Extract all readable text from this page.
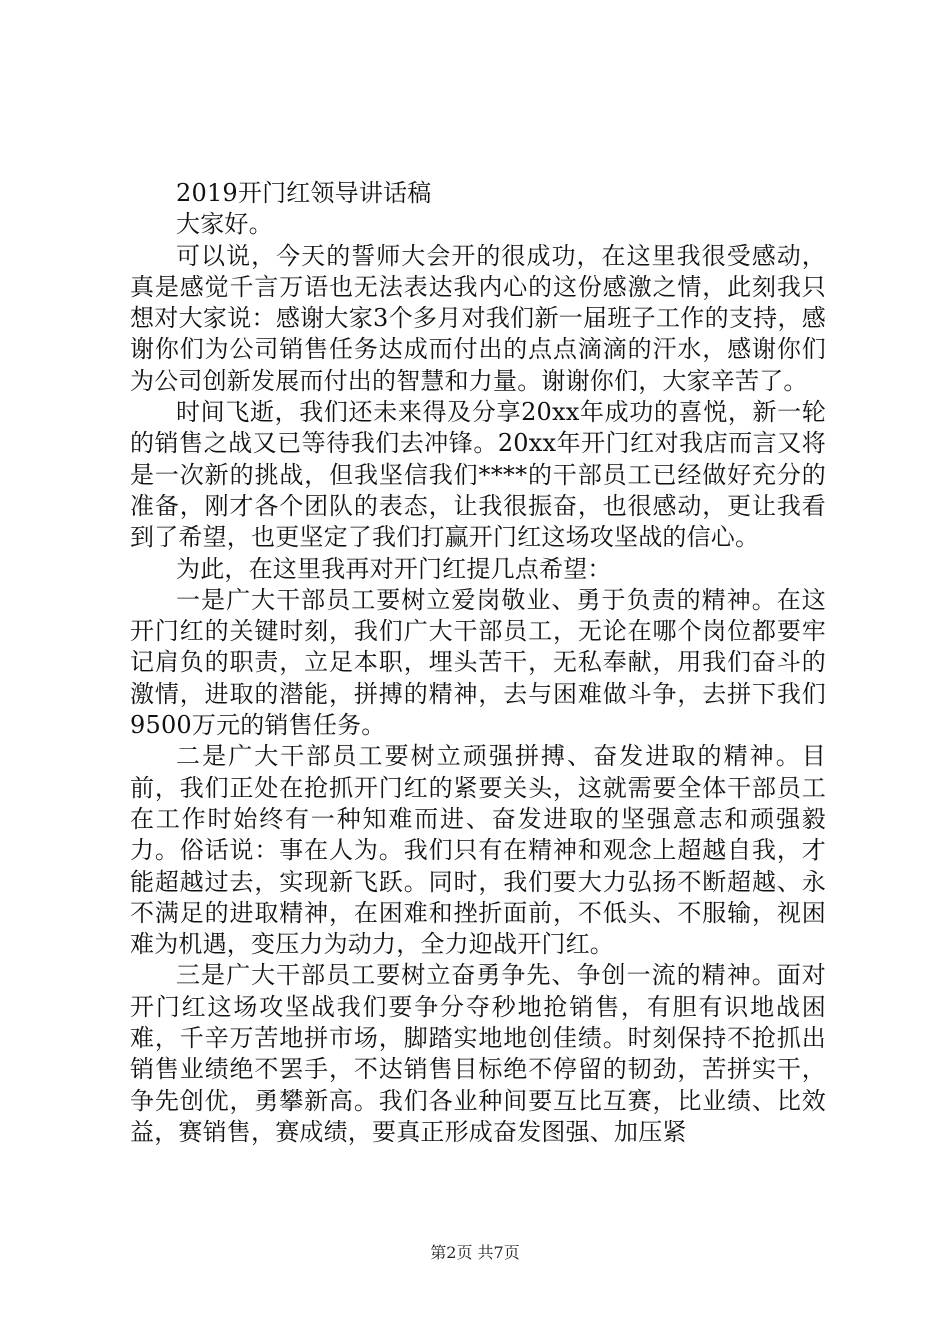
2019开门红领导讲话稿

大家好。

可以说，今天的誓师大会开的很成功，在这里我很受感动，真是感觉千言万语也无法表达我内心的这份感激之情，此刻我只想对大家说：感谢大家3个多月对我们新一届班子工作的支持，感谢你们为公司销售任务达成而付出的点点滴滴的汗水，感谢你们为公司创新发展而付出的智慧和力量。谢谢你们，大家辛苦了。

时间飞逝，我们还未来得及分享20xx年成功的喜悦，新一轮的销售之战又已等待我们去冲锋。20xx年开门红对我店而言又将是一次新的挑战，但我坚信我们****的干部员工已经做好充分的准备，刚才各个团队的表态，让我很振奋，也很感动，更让我看到了希望，也更坚定了我们打赢开门红这场攻坚战的信心。

为此，在这里我再对开门红提几点希望：

一是广大干部员工要树立爱岗敬业、勇于负责的精神。在这开门红的关键时刻，我们广大干部员工，无论在哪个岗位都要牢记肩负的职责，立足本职，埋头苦干，无私奉献，用我们奋斗的激情，进取的潜能，拼搏的精神，去与困难做斗争，去拼下我们9500万元的销售任务。

二是广大干部员工要树立顽强拼搏、奋发进取的精神。目前，我们正处在抢抓开门红的紧要关头，这就需要全体干部员工在工作时始终有一种知难而进、奋发进取的坚强意志和顽强毅力。俗话说：事在人为。我们只有在精神和观念上超越自我，才能超越过去，实现新飞跃。同时，我们要大力弘扬不断超越、永不满足的进取精神，在困难和挫折面前，不低头、不服输，视困难为机遇，变压力为动力，全力迎战开门红。

三是广大干部员工要树立奋勇争先、争创一流的精神。面对开门红这场攻坚战我们要争分夺秒地抢销售，有胆有识地战困难，千辛万苦地拼市场，脚踏实地地创佳绩。时刻保持不抢抓出销售业绩绝不罢手，不达销售目标绝不停留的韧劲，苦拼实干，争先创优，勇攀新高。我们各业种间要互比互赛，比业绩、比效益，赛销售，赛成绩，要真正形成奋发图强、加压紧

第2页 共7页
